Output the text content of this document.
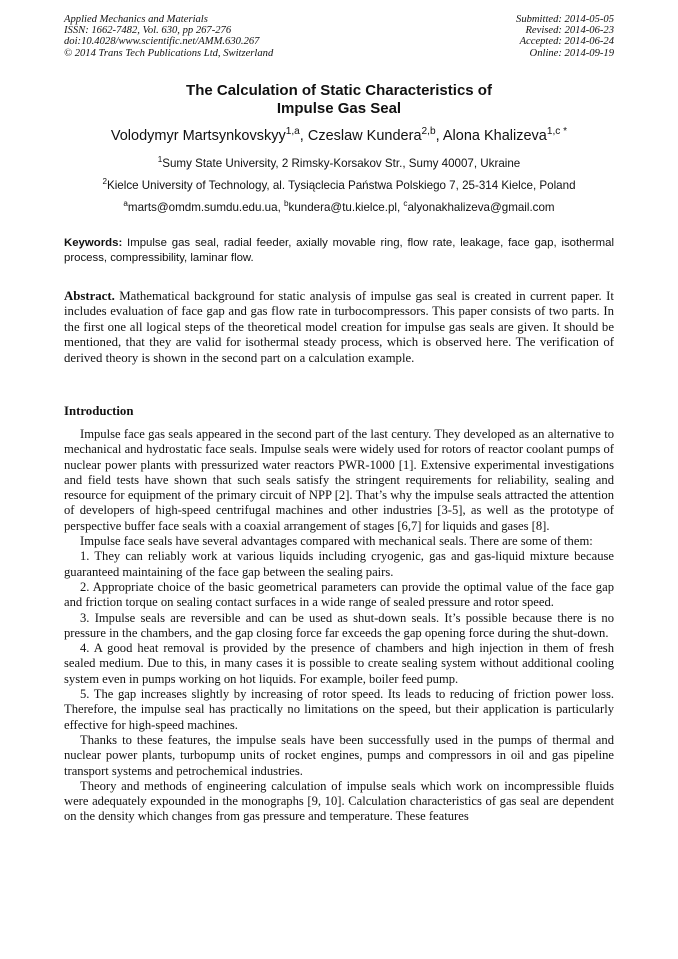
Applied Mechanics and Materials
ISSN: 1662-7482, Vol. 630, pp 267-276
doi:10.4028/www.scientific.net/AMM.630.267
© 2014 Trans Tech Publications Ltd, Switzerland
Submitted: 2014-05-05
Revised: 2014-06-23
Accepted: 2014-06-24
Online: 2014-09-19
The Calculation of Static Characteristics of
Impulse Gas Seal
Volodymyr Martsynkovskyy$^{1,a}$, Czeslaw Kundera$^{2,b}$, Alona Khalizeva$^{1,c *}$
$^1$Sumy State University, 2 Rimsky-Korsakov Str., Sumy 40007, Ukraine
$^2$Kielce University of Technology, al. Tysiąclecia Państwa Polskiego 7, 25-314 Kielce, Poland
$^a$marts@omdm.sumdu.edu.ua, $^b$kundera@tu.kielce.pl, $^c$alyonakhalizeva@gmail.com
Keywords: Impulse gas seal, radial feeder, axially movable ring, flow rate, leakage, face gap, isothermal process, compressibility, laminar flow.
Abstract. Mathematical background for static analysis of impulse gas seal is created in current paper. It includes evaluation of face gap and gas flow rate in turbocompressors. This paper consists of two parts. In the first one all logical steps of the theoretical model creation for impulse gas seals are given. It should be mentioned, that they are valid for isothermal steady process, which is observed here. The verification of derived theory is shown in the second part on a calculation example.
Introduction

Impulse face gas seals appeared in the second part of the last century. They developed as an alternative to mechanical and hydrostatic face seals. Impulse seals were widely used for rotors of reactor coolant pumps of nuclear power plants with pressurized water reactors PWR-1000 [1]. Extensive experimental investigations and field tests have shown that such seals satisfy the stringent requirements for reliability, sealing and resource for equipment of the primary circuit of NPP [2]. That’s why the impulse seals attracted the attention of developers of high-speed centrifugal machines and other industries [3-5], as well as the prototype of perspective buffer face seals with a coaxial arrangement of stages [6,7] for liquids and gases [8].

Impulse face seals have several advantages compared with mechanical seals. There are some of them:

1. They can reliably work at various liquids including cryogenic, gas and gas-liquid mixture because guaranteed maintaining of the face gap between the sealing pairs.

2. Appropriate choice of the basic geometrical parameters can provide the optimal value of the face gap and friction torque on sealing contact surfaces in a wide range of sealed pressure and rotor speed.

3. Impulse seals are reversible and can be used as shut-down seals. It’s possible because there is no pressure in the chambers, and the gap closing force far exceeds the gap opening force during the shut-down.

4. A good heat removal is provided by the presence of chambers and high injection in them of fresh sealed medium. Due to this, in many cases it is possible to create sealing system without additional cooling system even in pumps working on hot liquids. For example, boiler feed pump.

5. The gap increases slightly by increasing of rotor speed. Its leads to reducing of friction power loss. Therefore, the impulse seal has practically no limitations on the speed, but their application is particularly effective for high-speed machines.

Thanks to these features, the impulse seals have been successfully used in the pumps of thermal and nuclear power plants, turbopump units of rocket engines, pumps and compressors in oil and gas pipeline transport systems and petrochemical industries.

Theory and methods of engineering calculation of impulse seals which work on incompressible fluids were adequately expounded in the monographs [9, 10]. Calculation characteristics of gas seal are dependent on the density which changes from gas pressure and temperature. These features
